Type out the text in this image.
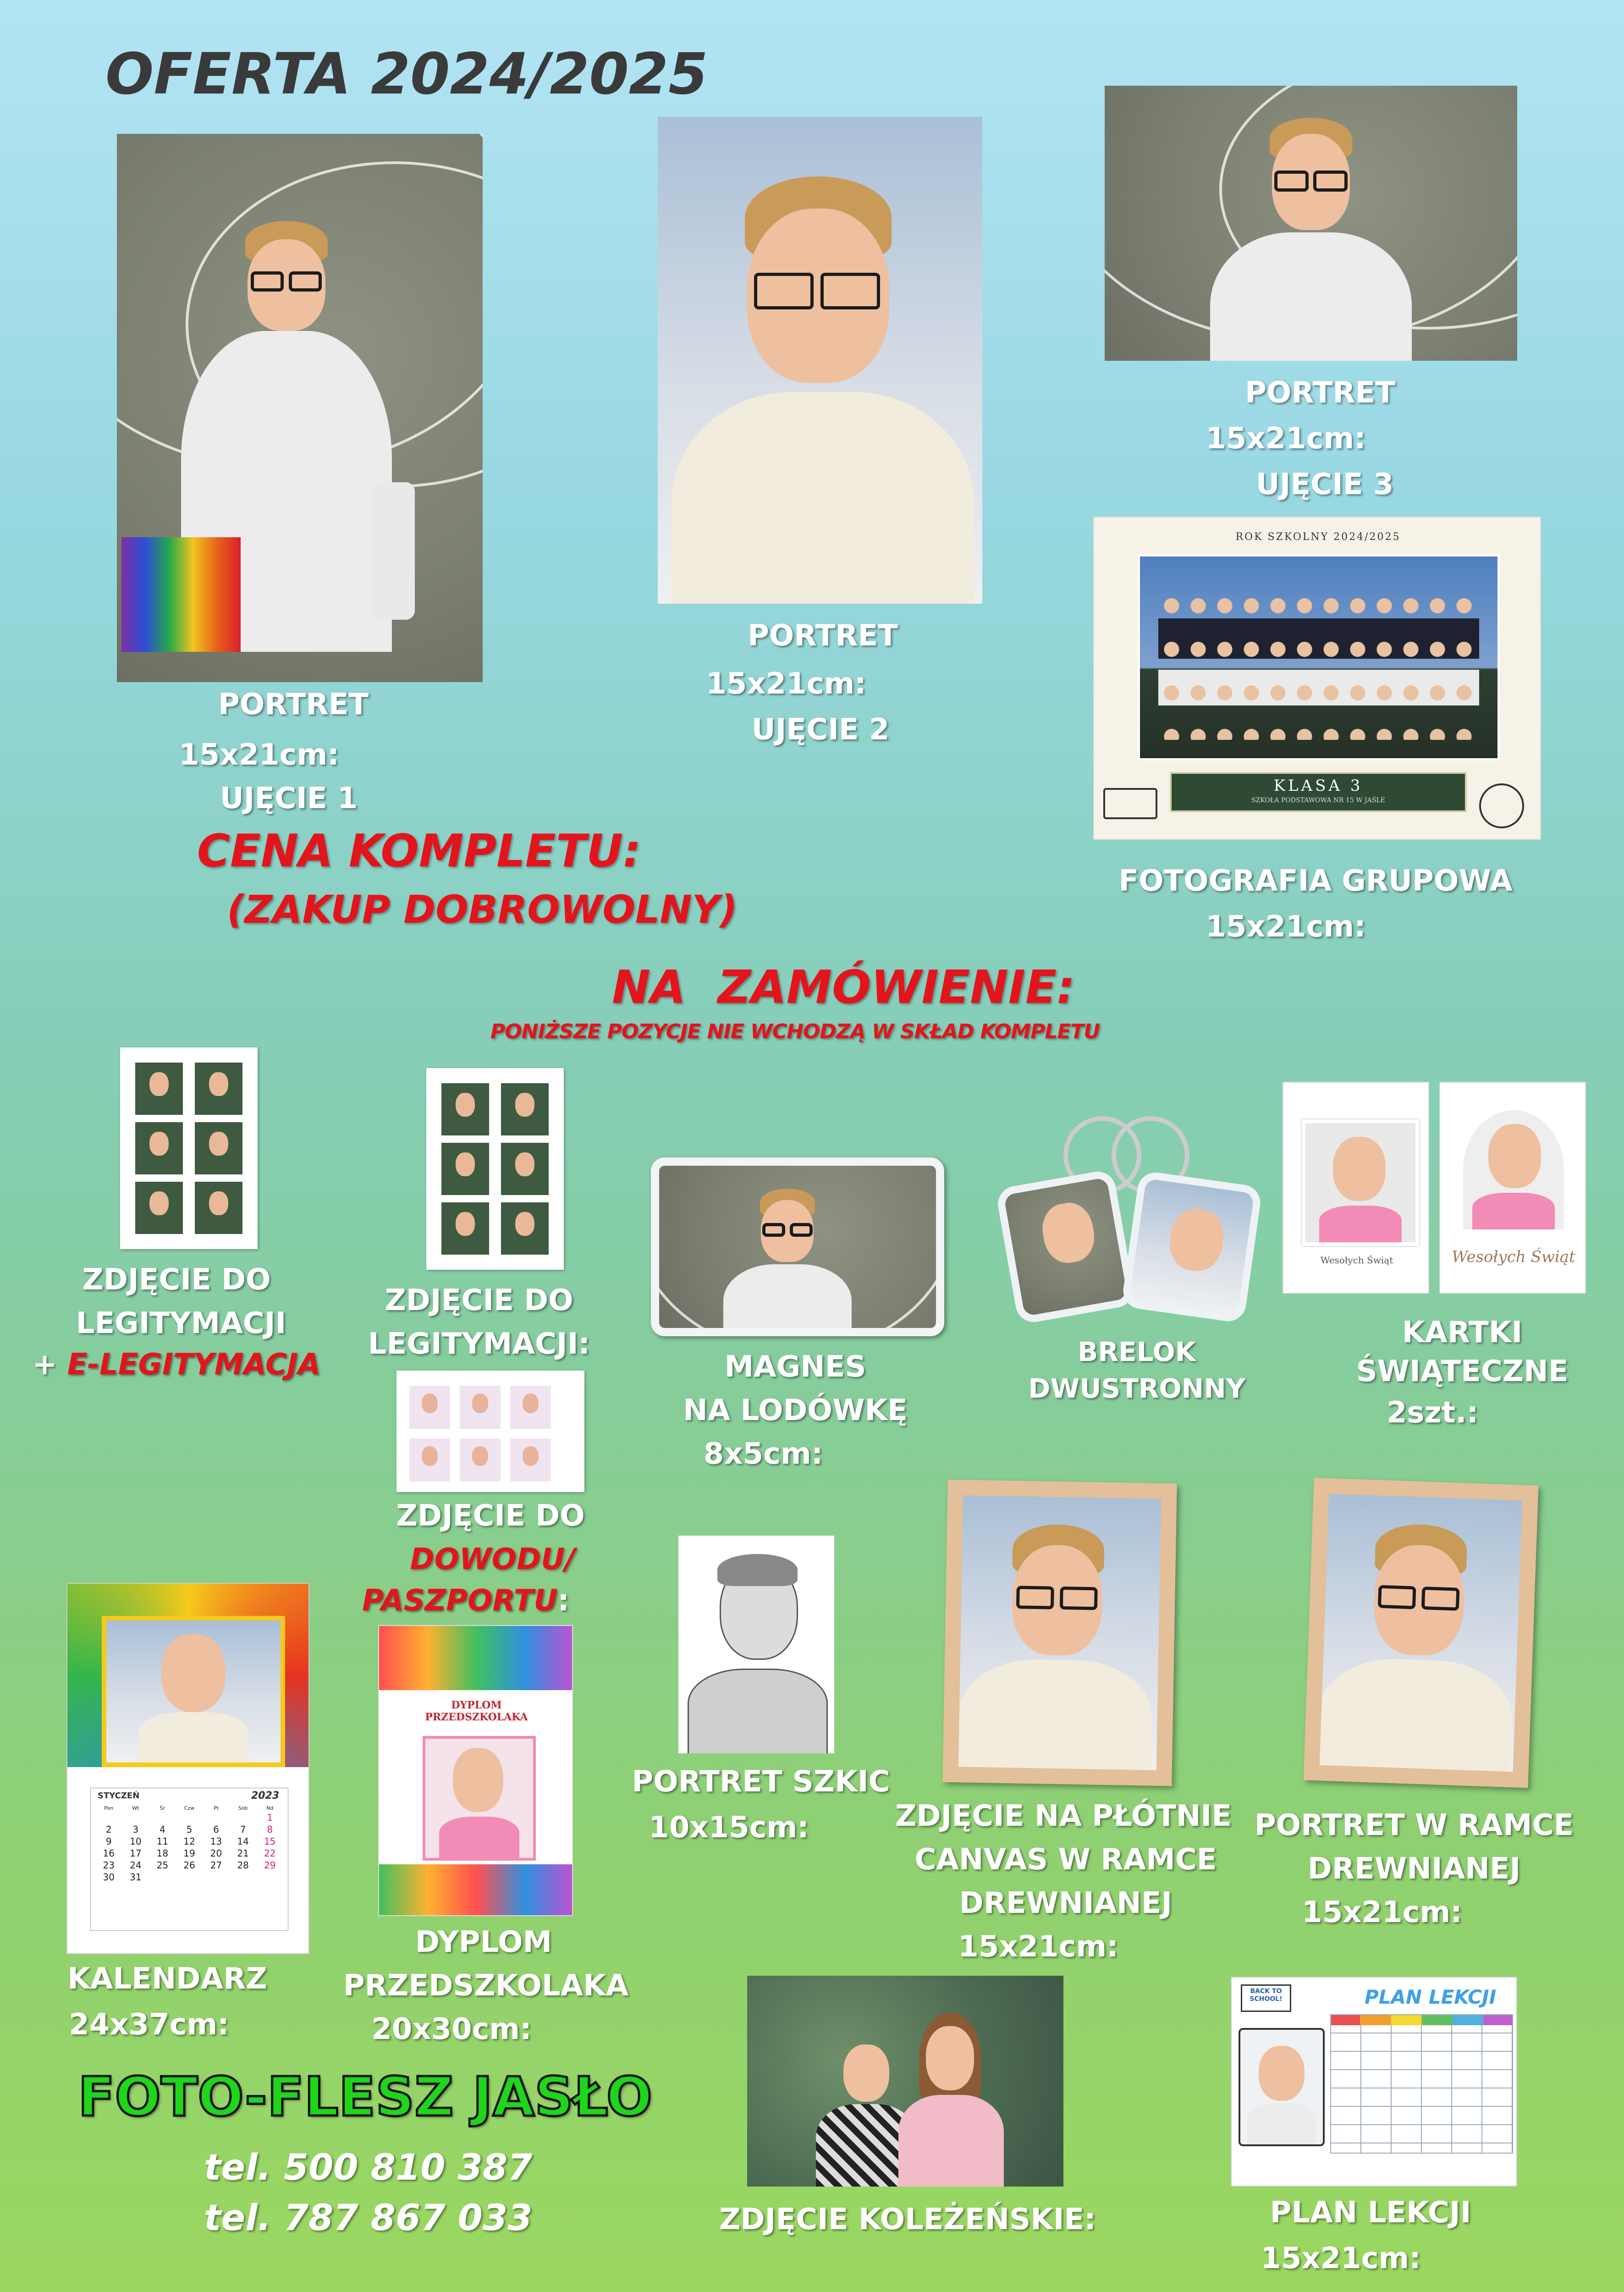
OFERTA 2024/2025
PORTRET
15x21cm:
UJĘCIE 1
PORTRET
15x21cm:
UJĘCIE 2
PORTRET
15x21cm:
UJĘCIE 3
ROK SZKOLNY 2024/2025
KLASA 3
SZKOŁA PODSTAWOWA NR 15 W JAŚLE
FOTOGRAFIA GRUPOWA
15x21cm:
CENA KOMPLETU:
(ZAKUP DOBROWOLNY)
NA  ZAMÓWIENIE:
PONIŻSZE POZYCJE NIE WCHODZĄ W SKŁAD KOMPLETU
ZDJĘCIE DO
LEGITYMACJI
+ E-LEGITYMACJA
ZDJĘCIE DO
LEGITYMACJI:
ZDJĘCIE DO
DOWODU/
PASZPORTU:
MAGNES
NA LODÓWKĘ
8x5cm:
BRELOK
DWUSTRONNY
Wesołych Świąt	Wesołych Świąt
KARTKI
ŚWIĄTECZNE
2szt.:
STYCZEŃ	2023
Pon	Wt	Śr	Czw	Pt	Sob	Nd
						1
2	3	4	5	6	7	8
9	10	11	12	13	14	15
16	17	18	19	20	21	22
23	24	25	26	27	28	29
30	31					
KALENDARZ
24x37cm:
DYPLOM PRZEDSZKOLAKA
DYPLOM
PRZEDSZKOLAKA
20x30cm:
PORTRET SZKIC
10x15cm:	ZDJĘCIE NA PŁÓTNIE
CANVAS W RAMCE
DREWNIANEJ
15x21cm:
PORTRET W RAMCE
DREWNIANEJ
15x21cm:
ZDJĘCIE KOLEŻEŃSKIE:
BACK TO SCHOOL!	PLAN LEKCJI
PLAN LEKCJI
15x21cm:
FOTO-FLESZ JASŁO
tel. 500 810 387
tel. 787 867 033
